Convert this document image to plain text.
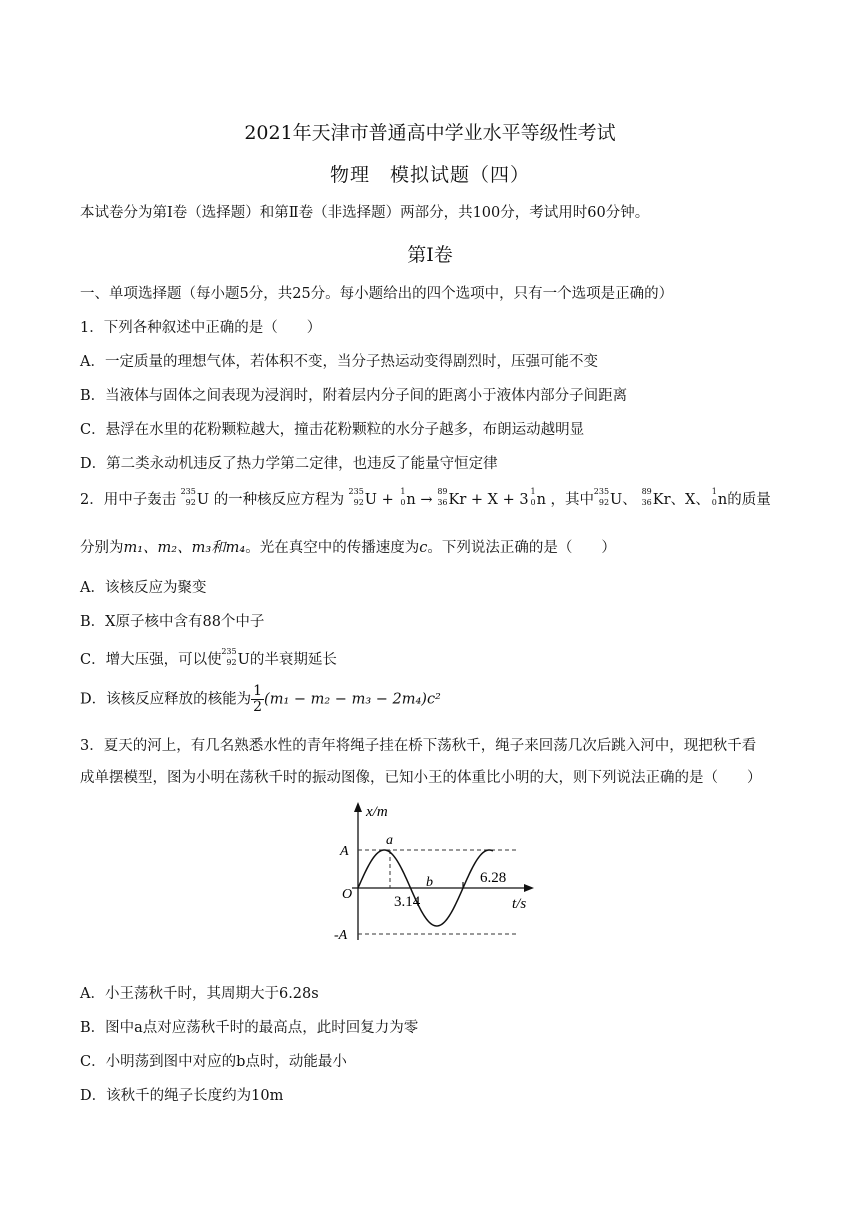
2021年天津市普通高中学业水平等级性考试
物理　模拟试题（四）
本试卷分为第Ⅰ卷（选择题）和第Ⅱ卷（非选择题）两部分，共100分，考试用时60分钟。
第Ⅰ卷
一、单项选择题（每小题5分，共25分。每小题给出的四个选项中，只有一个选项是正确的）
1．下列各种叙述中正确的是（　　）
A．一定质量的理想气体，若体积不变，当分子热运动变得剧烈时，压强可能不变
B．当液体与固体之间表现为浸润时，附着层内分子间的距离小于液体内部分子间距离
C．悬浮在水里的花粉颗粒越大，撞击花粉颗粒的水分子越多，布朗运动越明显
D．第二类永动机违反了热力学第二定律，也违反了能量守恒定律
2．用中子轰击
235
92 U 的一种核反应方程为
235
92 U +
1
0 n →
89
36 Kr + X + 3
1
0 n ，其中
235
92 U、
89
36 Kr、X、
1
0 n的质量
分别为m₁、m₂、m₃和m₄。光在真空中的传播速度为c。下列说法正确的是（　　）
A．该核反应为聚变
B．X原子核中含有88个中子
C．增大压强，可以使
235
92 U的半衰期延长
D．该核反应释放的核能为 $\frac{1}{2} (m_1 - m_2 - m_3 - 2m_4)c^2$
3．夏天的河上，有几名熟悉水性的青年将绳子挂在桥下荡秋千，绳子来回荡几次后跳入河中，现把秋千看
成单摆模型，图为小明在荡秋千时的振动图像，已知小王的体重比小明的大，则下列说法正确的是（　　）
x/m
t/s
A
-A
O
a
b
3.14
6.28
A．小王荡秋千时，其周期大于6.28s
B．图中a点对应荡秋千时的最高点，此时回复力为零
C．小明荡到图中对应的b点时，动能最小
D．该秋千的绳子长度约为10m
